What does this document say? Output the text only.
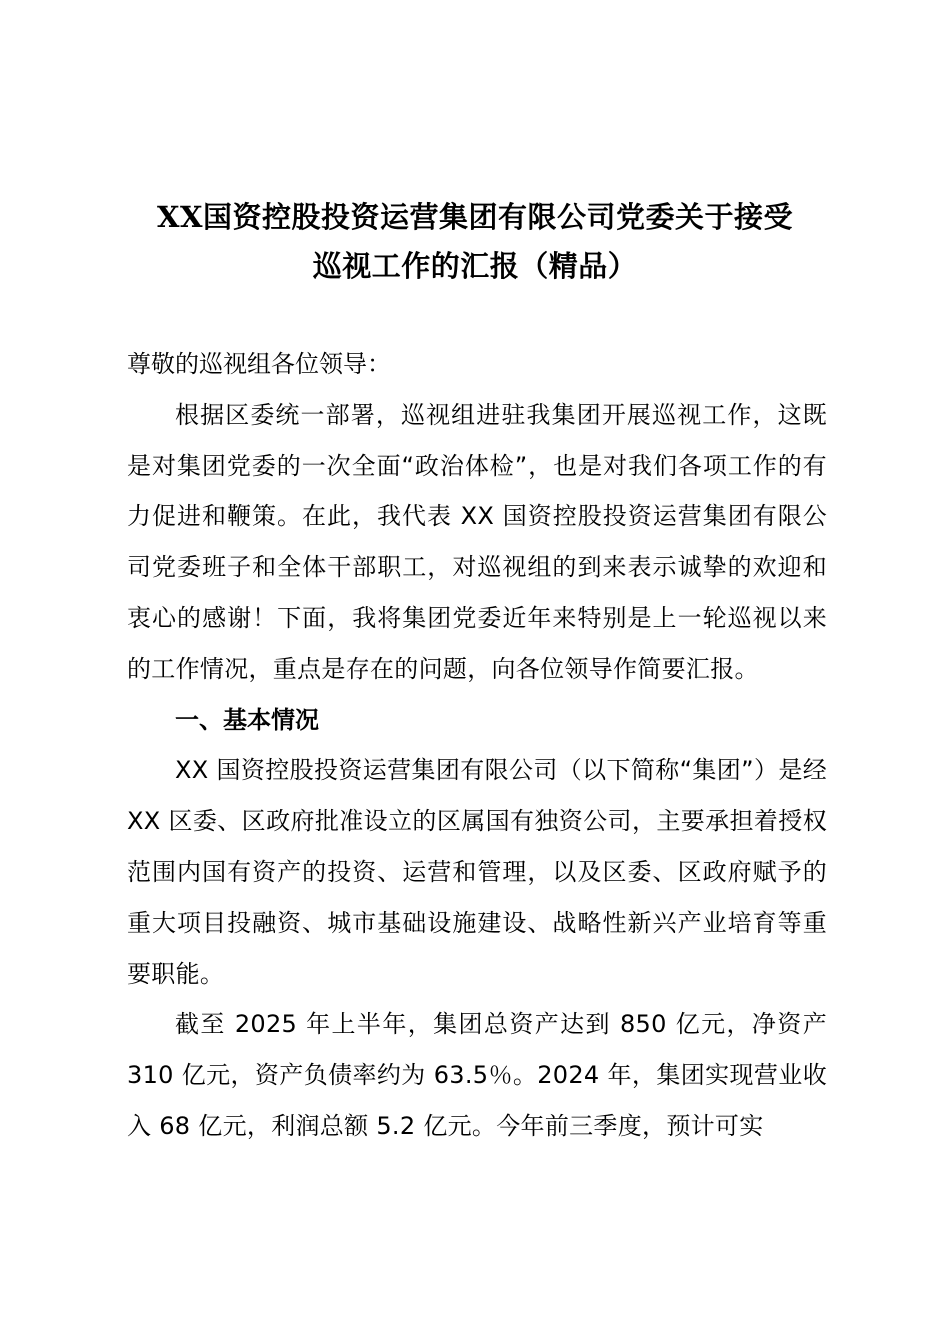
XX国资控股投资运营集团有限公司党委关于接受
巡视工作的汇报（精品）

尊敬的巡视组各位领导：

根据区委统一部署，巡视组进驻我集团开展巡视工作，这既是对集团党委的一次全面“政治体检”，也是对我们各项工作的有力促进和鞭策。在此，我代表 XX 国资控股投资运营集团有限公司党委班子和全体干部职工，对巡视组的到来表示诚挚的欢迎和衷心的感谢！下面，我将集团党委近年来特别是上一轮巡视以来的工作情况，重点是存在的问题，向各位领导作简要汇报。

一、基本情况

XX 国资控股投资运营集团有限公司（以下简称“集团”）是经 XX 区委、区政府批准设立的区属国有独资公司，主要承担着授权范围内国有资产的投资、运营和管理，以及区委、区政府赋予的重大项目投融资、城市基础设施建设、战略性新兴产业培育等重要职能。

截至 2025 年上半年，集团总资产达到 850 亿元，净资产 310 亿元，资产负债率约为 63.5％。2024 年，集团实现营业收入 68 亿元，利润总额 5.2 亿元。今年前三季度，预计可实
